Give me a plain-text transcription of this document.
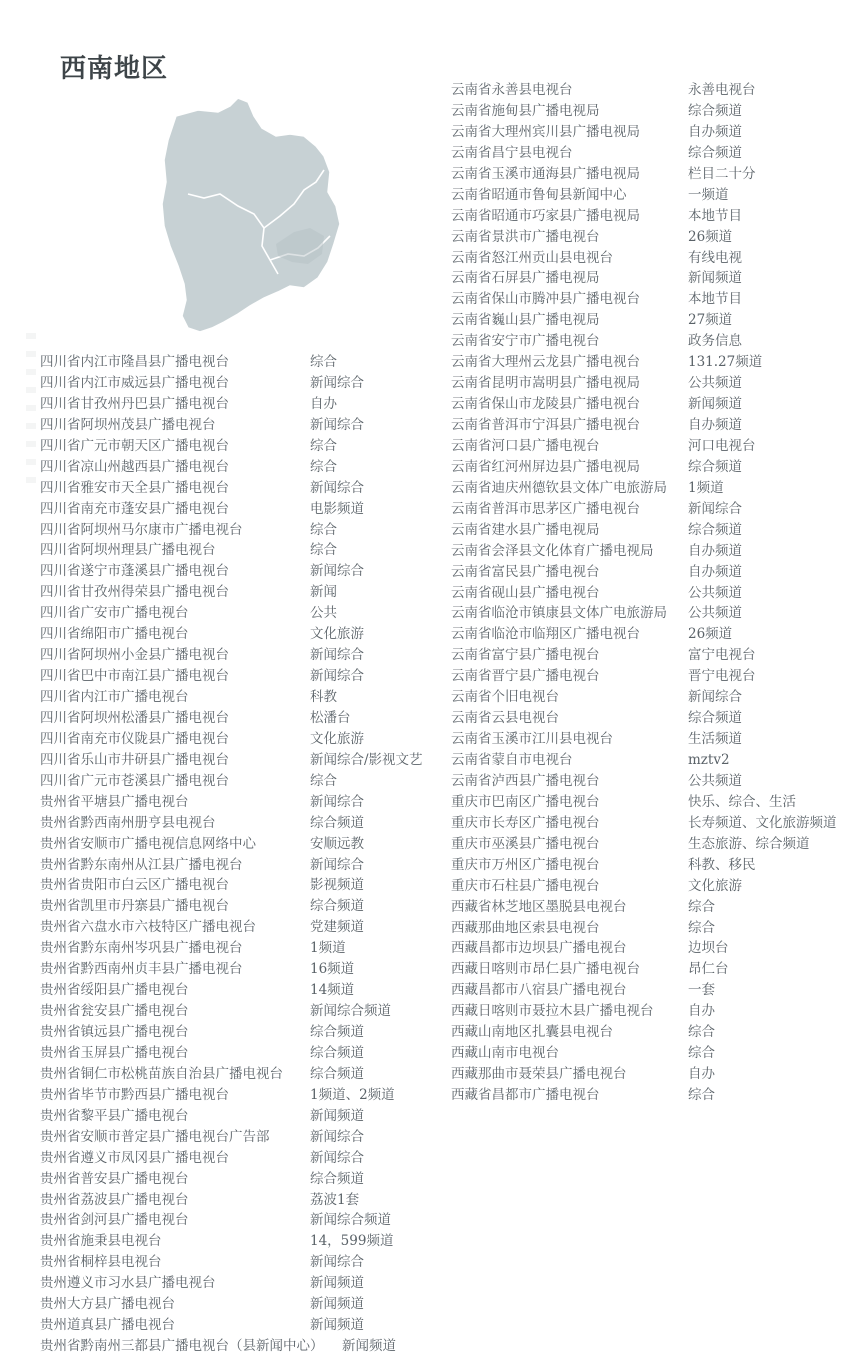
西南地区
四川省内江市隆昌县广播电视台	综合
四川省内江市威远县广播电视台	新闻综合
四川省甘孜州丹巴县广播电视台	自办
四川省阿坝州茂县广播电视台	新闻综合
四川省广元市朝天区广播电视台	综合
四川省凉山州越西县广播电视台	综合
四川省雅安市天全县广播电视台	新闻综合
四川省南充市蓬安县广播电视台	电影频道
四川省阿坝州马尔康市广播电视台	综合
四川省阿坝州理县广播电视台	综合
四川省遂宁市蓬溪县广播电视台	新闻综合
四川省甘孜州得荣县广播电视台	新闻
四川省广安市广播电视台	公共
四川省绵阳市广播电视台	文化旅游
四川省阿坝州小金县广播电视台	新闻综合
四川省巴中市南江县广播电视台	新闻综合
四川省内江市广播电视台	科教
四川省阿坝州松潘县广播电视台	松潘台
四川省南充市仪陇县广播电视台	文化旅游
四川省乐山市井研县广播电视台	新闻综合/影视文艺
四川省广元市苍溪县广播电视台	综合
贵州省平塘县广播电视台	新闻综合
贵州省黔西南州册亨县电视台	综合频道
贵州省安顺市广播电视信息网络中心	安顺远教
贵州省黔东南州从江县广播电视台	新闻综合
贵州省贵阳市白云区广播电视台	影视频道
贵州省凯里市丹寨县广播电视台	综合频道
贵州省六盘水市六枝特区广播电视台	党建频道
贵州省黔东南州岑巩县广播电视台	1频道
贵州省黔西南州贞丰县广播电视台	16频道
贵州省绥阳县广播电视台	14频道
贵州省瓮安县广播电视台	新闻综合频道
贵州省镇远县广播电视台	综合频道
贵州省玉屏县广播电视台	综合频道
贵州省铜仁市松桃苗族自治县广播电视台 综合频道
贵州省毕节市黔西县广播电视台	1频道、2频道
贵州省黎平县广播电视台	新闻频道
贵州省安顺市普定县广播电视台广告部	新闻综合
贵州省遵义市凤冈县广播电视台	新闻综合
贵州省普安县广播电视台	综合频道
贵州省荔波县广播电视台	荔波1套
贵州省剑河县广播电视台	新闻综合频道
贵州省施秉县电视台	14，599频道
贵州省桐梓县电视台	新闻综合
贵州遵义市习水县广播电视台	新闻频道
贵州大方县广播电视台	新闻频道
贵州道真县广播电视台	新闻频道
贵州省黔南州三都县广播电视台（县新闻中心） 新闻频道
云南省永善县电视台	永善电视台
云南省施甸县广播电视局	综合频道
云南省大理州宾川县广播电视局	自办频道
云南省昌宁县电视台	综合频道
云南省玉溪市通海县广播电视局	栏目二十分
云南省昭通市鲁甸县新闻中心	一频道
云南省昭通市巧家县广播电视局	本地节目
云南省景洪市广播电视台	26频道
云南省怒江州贡山县电视台	有线电视
云南省石屏县广播电视局	新闻频道
云南省保山市腾冲县广播电视台	本地节目
云南省巍山县广播电视局	27频道
云南省安宁市广播电视台	政务信息
云南省大理州云龙县广播电视台	131.27频道
云南省昆明市嵩明县广播电视局	公共频道
云南省保山市龙陵县广播电视台	新闻频道
云南省普洱市宁洱县广播电视台	自办频道
云南省河口县广播电视台	河口电视台
云南省红河州屏边县广播电视局	综合频道
云南省迪庆州德钦县文体广电旅游局 1频道
云南省普洱市思茅区广播电视台	新闻综合
云南省建水县广播电视局	综合频道
云南省会泽县文化体育广播电视局	自办频道
云南省富民县广播电视台	自办频道
云南省砚山县广播电视台	公共频道
云南省临沧市镇康县文体广电旅游局 公共频道
云南省临沧市临翔区广播电视台	26频道
云南省富宁县广播电视台	富宁电视台
云南省晋宁县广播电视台	晋宁电视台
云南省个旧电视台	新闻综合
云南省云县电视台	综合频道
云南省玉溪市江川县电视台	生活频道
云南省蒙自市电视台	mztv2
云南省泸西县广播电视台	公共频道
重庆市巴南区广播电视台	快乐、综合、生活
重庆市长寿区广播电视台	长寿频道、文化旅游频道
重庆市巫溪县广播电视台	生态旅游、综合频道
重庆市万州区广播电视台	科教、移民
重庆市石柱县广播电视台	文化旅游
西藏省林芝地区墨脱县电视台	综合
西藏那曲地区索县电视台	综合
西藏昌都市边坝县广播电视台	边坝台
西藏日喀则市昂仁县广播电视台	昂仁台
西藏昌都市八宿县广播电视台	一套
西藏日喀则市聂拉木县广播电视台	自办
西藏山南地区扎囊县电视台	综合
西藏山南市电视台	综合
西藏那曲市聂荣县广播电视台	自办
西藏省昌都市广播电视台	综合
